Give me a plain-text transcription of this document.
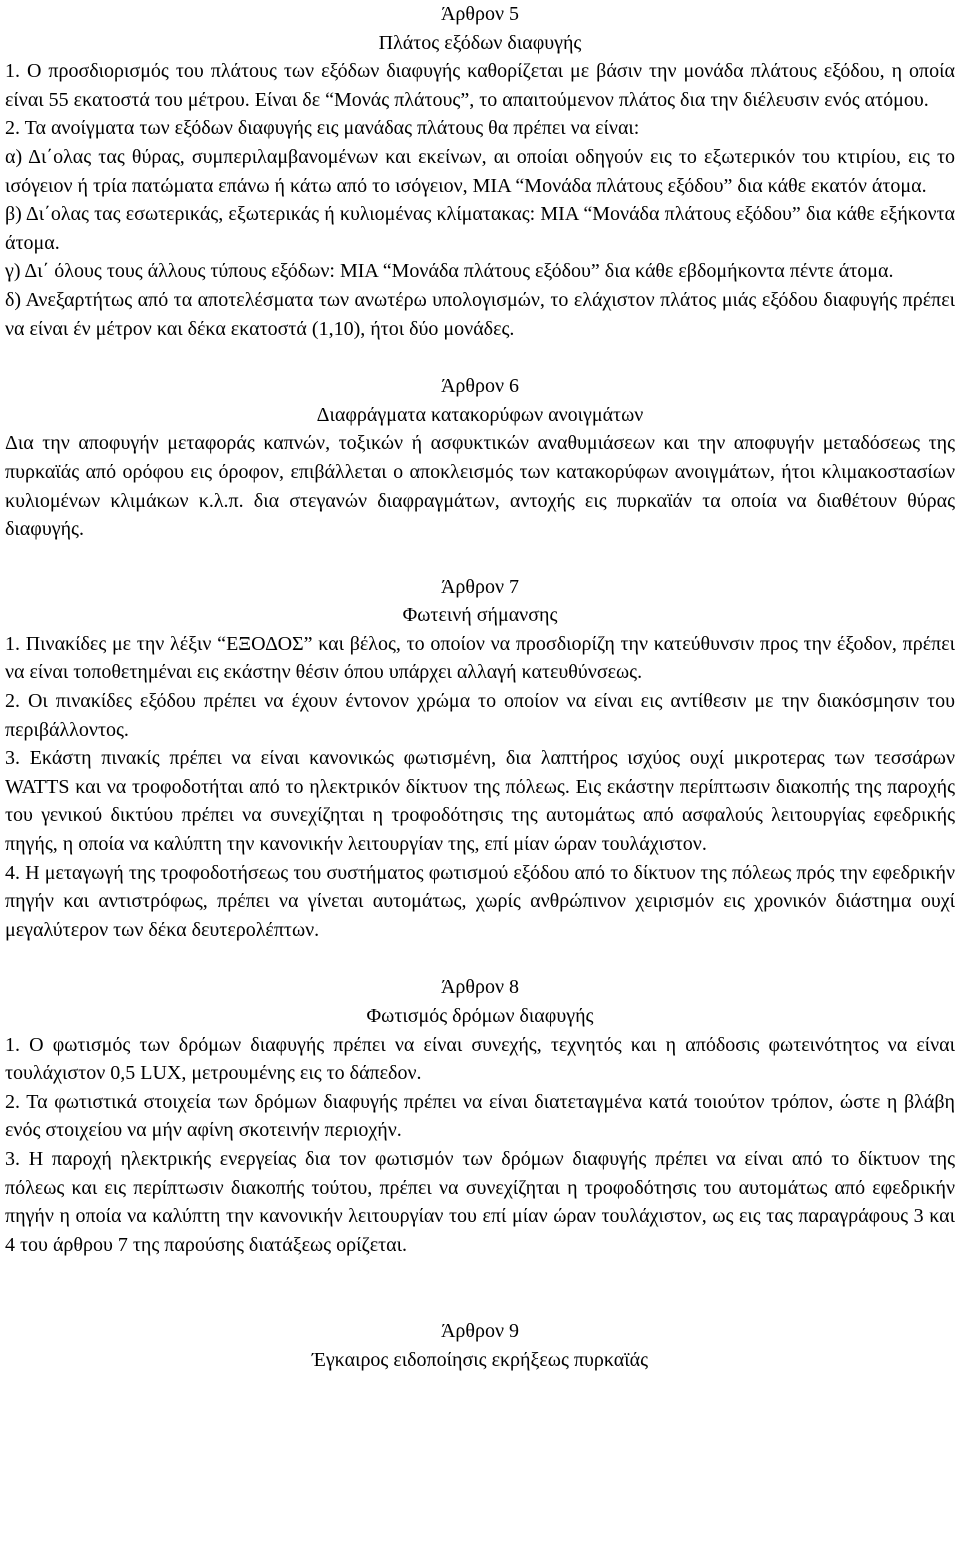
Άρθρον 5
Πλάτος εξόδων διαφυγής

1. Ο προσδιορισμός του πλάτους των εξόδων διαφυγής καθορίζεται με βάσιν την μονάδα πλάτους εξόδου, η οποία είναι 55 εκατοστά του μέτρου. Είναι δε “Μονάς πλάτους”, το απαιτούμενον πλάτος δια την διέλευσιν ενός ατόμου.

2. Τα ανοίγματα των εξόδων διαφυγής εις μανάδας πλάτους θα πρέπει να είναι:

α) Δι΄ολας τας θύρας, συμπεριλαμβανομένων και εκείνων, αι οποίαι οδηγούν εις το εξωτερικόν του κτιρίου, εις το ισόγειον ή τρία πατώματα επάνω ή κάτω από το ισόγειον, ΜΙΑ “Μονάδα πλάτους εξόδου” δια κάθε εκατόν άτομα.

β) Δι΄ολας τας εσωτερικάς, εξωτερικάς ή κυλιομένας κλίματακας: ΜΙΑ “Μονάδα πλάτους εξόδου” δια κάθε εξήκοντα άτομα.

γ) Δι΄ όλους τους άλλους τύπους εξόδων: ΜΙΑ “Μονάδα πλάτους εξόδου” δια κάθε εβδομήκοντα πέντε άτομα.

δ) Ανεξαρτήτως από τα αποτελέσματα των ανωτέρω υπολογισμών, το ελάχιστον πλάτος μιάς εξόδου διαφυγής πρέπει να είναι έν μέτρον και δέκα εκατοστά (1,10), ήτοι δύο μονάδες.

Άρθρον 6
Διαφράγματα κατακορύφων ανοιγμάτων

Δια την αποφυγήν μεταφοράς καπνών, τοξικών ή ασφυκτικών αναθυμιάσεων και την αποφυγήν μεταδόσεως της πυρκαϊάς από ορόφου εις όροφον, επιβάλλεται ο αποκλεισμός των κατακορύφων ανοιγμάτων, ήτοι κλιμακοστασίων κυλιομένων κλιμάκων κ.λ.π. δια στεγανών διαφραγμάτων, αντοχής εις πυρκαϊάν τα οποία να διαθέτουν θύρας διαφυγής.

Άρθρον 7
Φωτεινή σήμανσης

1. Πινακίδες με την λέξιν “ΕΞΟΔΟΣ” και βέλος, το οποίον να προσδιορίζη την κατεύθυνσιν προς την έξοδον, πρέπει να είναι τοποθετημέναι εις εκάστην θέσιν όπου υπάρχει αλλαγή κατευθύνσεως.

2. Οι πινακίδες εξόδου πρέπει να έχουν έντονον χρώμα το οποίον να είναι εις αντίθεσιν με την διακόσμησιν του περιβάλλοντος.

3. Εκάστη πινακίς πρέπει να είναι κανονικώς φωτισμένη, δια λαπτήρος ισχύος ουχί μικροτερας των τεσσάρων WATTS και να τροφοδοτήται από το ηλεκτρικόν δίκτυον της πόλεως. Εις εκάστην περίπτωσιν διακοπής της παροχής του γενικού δικτύου πρέπει να συνεχίζηται η τροφοδότησις της αυτομάτως από ασφαλούς λειτουργίας εφεδρικής πηγής, η οποία να καλύπτη την κανονικήν λειτουργίαν της, επί μίαν ώραν τουλάχιστον.

4. Η μεταγωγή της τροφοδοτήσεως του συστήματος φωτισμού εξόδου από το δίκτυον της πόλεως πρός την εφεδρικήν πηγήν και αντιστρόφως, πρέπει να γίνεται αυτομάτως, χωρίς ανθρώπινον χειρισμόν εις χρονικόν διάστημα ουχί μεγαλύτερον των δέκα δευτερολέπτων.

Άρθρον 8
Φωτισμός δρόμων διαφυγής

1. Ο φωτισμός των δρόμων διαφυγής πρέπει να είναι συνεχής, τεχνητός και η απόδοσις φωτεινότητος να είναι τουλάχιστον 0,5 LUX, μετρουμένης εις το δάπεδον.

2. Τα φωτιστικά στοιχεία των δρόμων διαφυγής πρέπει να είναι διατεταγμένα κατά τοιούτον τρόπον, ώστε η βλάβη ενός στοιχείου να μήν αφίνη σκοτεινήν περιοχήν.

3. Η παροχή ηλεκτρικής ενεργείας δια τον φωτισμόν των δρόμων διαφυγής πρέπει να είναι από το δίκτυον της πόλεως και εις περίπτωσιν διακοπής τούτου, πρέπει να συνεχίζηται η τροφοδότησις του αυτομάτως από εφεδρικήν πηγήν η οποία να καλύπτη την κανονικήν λειτουργίαν του επί μίαν ώραν τουλάχιστον, ως εις τας παραγράφους 3 και 4 του άρθρου 7 της παρούσης διατάξεως ορίζεται.

Άρθρον 9
Έγκαιρος ειδοποίησις εκρήξεως πυρκαϊάς
